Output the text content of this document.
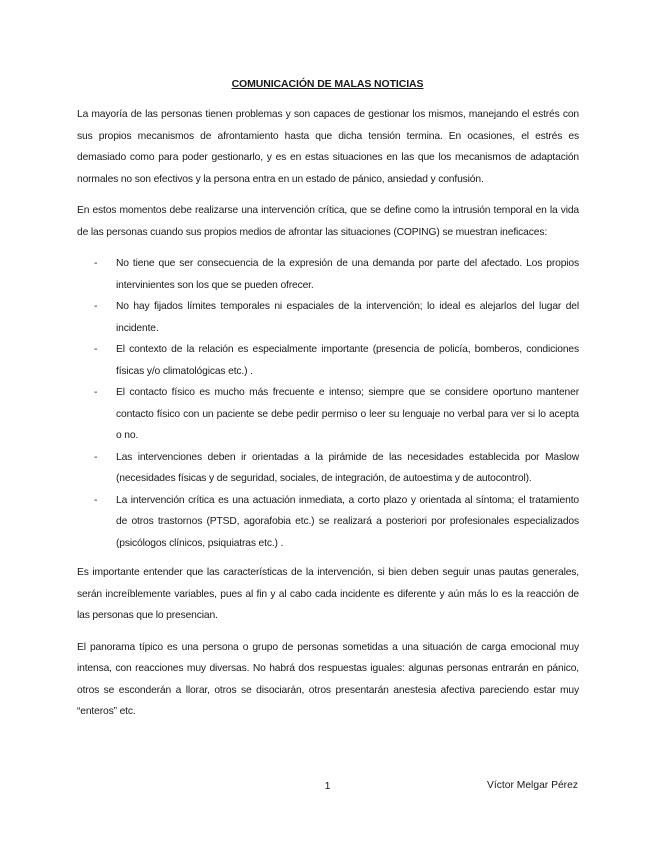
COMUNICACIÓN DE MALAS NOTICIAS

La mayoría de las personas tienen problemas y son capaces de gestionar los mismos, manejando el estrés con sus propios mecanismos de afrontamiento hasta que dicha tensión termina. En ocasiones, el estrés es demasiado como para poder gestionarlo, y es en estas situaciones en las que los mecanismos de adaptación normales no son efectivos y la persona entra en un estado de pánico, ansiedad y confusión.

En estos momentos debe realizarse una intervención crítica, que se define como la intrusión temporal en la vida de las personas cuando sus propios medios de afrontar las situaciones (COPING) se muestran ineficaces:

- No tiene que ser consecuencia de la expresión de una demanda por parte del afectado. Los propios intervinientes son los que se pueden ofrecer.
- No hay fijados límites temporales ni espaciales de la intervención; lo ideal es alejarlos del lugar del incidente.
- El contexto de la relación es especialmente importante (presencia de policía, bomberos, condiciones físicas y/o climatológicas etc.) .
- El contacto físico es mucho más frecuente e intenso; siempre que se considere oportuno mantener contacto físico con un paciente se debe pedir permiso o leer su lenguaje no verbal para ver si lo acepta o no.
- Las intervenciones deben ir orientadas a la pirámide de las necesidades establecida por Maslow (necesidades físicas y de seguridad, sociales, de integración, de autoestima y de autocontrol).
- La intervención crítica es una actuación inmediata, a corto plazo y orientada al síntoma; el tratamiento de otros trastornos (PTSD, agorafobia etc.) se realizará a posteriori por profesionales especializados (psicólogos clínicos, psiquiatras etc.) .

Es importante entender que las características de la intervención, si bien deben seguir unas pautas generales, serán increíblemente variables, pues al fin y al cabo cada incidente es diferente y aún más lo es la reacción de las personas que lo presencian.

El panorama típico es una persona o grupo de personas sometidas a una situación de carga emocional muy intensa, con reacciones muy diversas. No habrá dos respuestas iguales: algunas personas entrarán en pánico, otros se esconderán a llorar, otros se disociarán, otros presentarán anestesia afectiva pareciendo estar muy “enteros” etc.

1	Víctor Melgar Pérez
